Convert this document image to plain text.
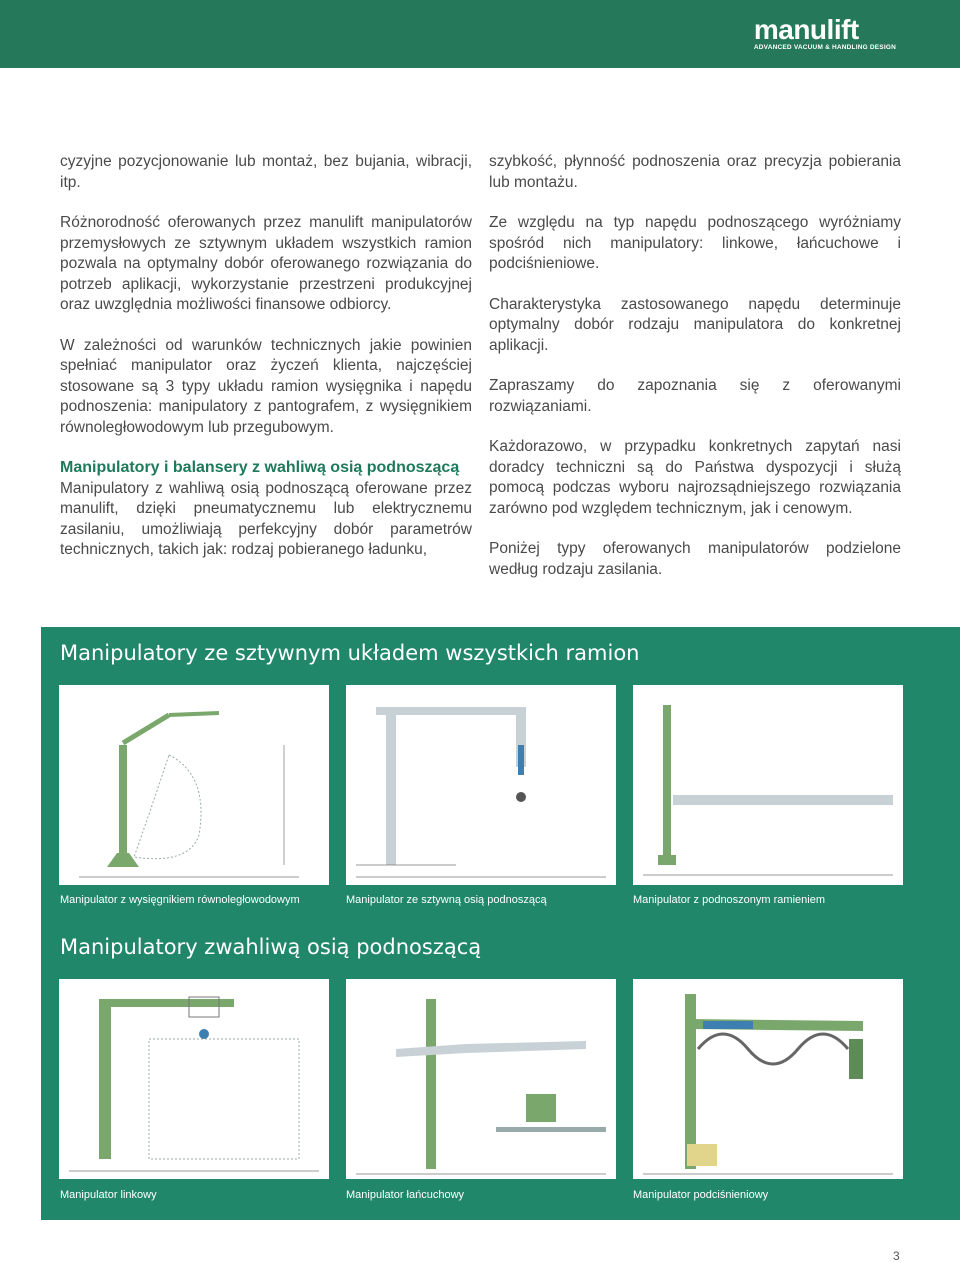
manulift
ADVANCED VACUUM & HANDLING DESIGN

cyzyjne pozycjonowanie lub montaż, bez bujania, wibracji, itp.

Różnorodność oferowanych przez manulift manipulatorów przemysłowych ze sztywnym układem wszystkich ramion pozwala na optymalny dobór oferowanego rozwiązania do potrzeb aplikacji, wykorzystanie przestrzeni produkcyjnej oraz uwzględnia możliwości finansowe odbiorcy.

W zależności od warunków technicznych jakie powinien spełniać manipulator oraz życzeń klienta, najczęściej stosowane są 3 typy układu ramion wysięgnika i napędu podnoszenia: manipulatory z pantografem, z wysięgnikiem równoległowodowym lub przegubowym.

Manipulatory i balansery z wahliwą osią podnoszącą

Manipulatory z wahliwą osią podnoszącą oferowane przez manulift, dzięki pneumatycznemu lub elektrycznemu zasilaniu, umożliwiają perfekcyjny dobór parametrów technicznych, takich jak: rodzaj pobieranego ładunku,

szybkość, płynność podnoszenia oraz precyzja pobierania lub montażu.

Ze względu na typ napędu podnoszącego wyróżniamy spośród nich manipulatory: linkowe, łańcuchowe i podciśnieniowe.

Charakterystyka zastosowanego napędu determinuje optymalny dobór rodzaju manipulatora do konkretnej aplikacji.

Zapraszamy do zapoznania się z oferowanymi rozwiązaniami.

Każdorazowo, w przypadku konkretnych zapytań nasi doradcy techniczni są do Państwa dyspozycji i służą pomocą podczas wyboru najrozsądniejszego rozwiązania zarówno pod względem technicznym, jak i cenowym.

Poniżej typy oferowanych manipulatorów podzielone według rodzaju zasilania.

Manipulatory ze sztywnym układem wszystkich ramion
Manipulator z wysięgnikiem równoległowodowym	Manipulator ze sztywną osią podnoszącą	Manipulator z podnoszonym ramieniem
Manipulatory zwahliwą osią podnoszącą
Manipulator linkowy	Manipulator łańcuchowy	Manipulator podciśnieniowy
3
